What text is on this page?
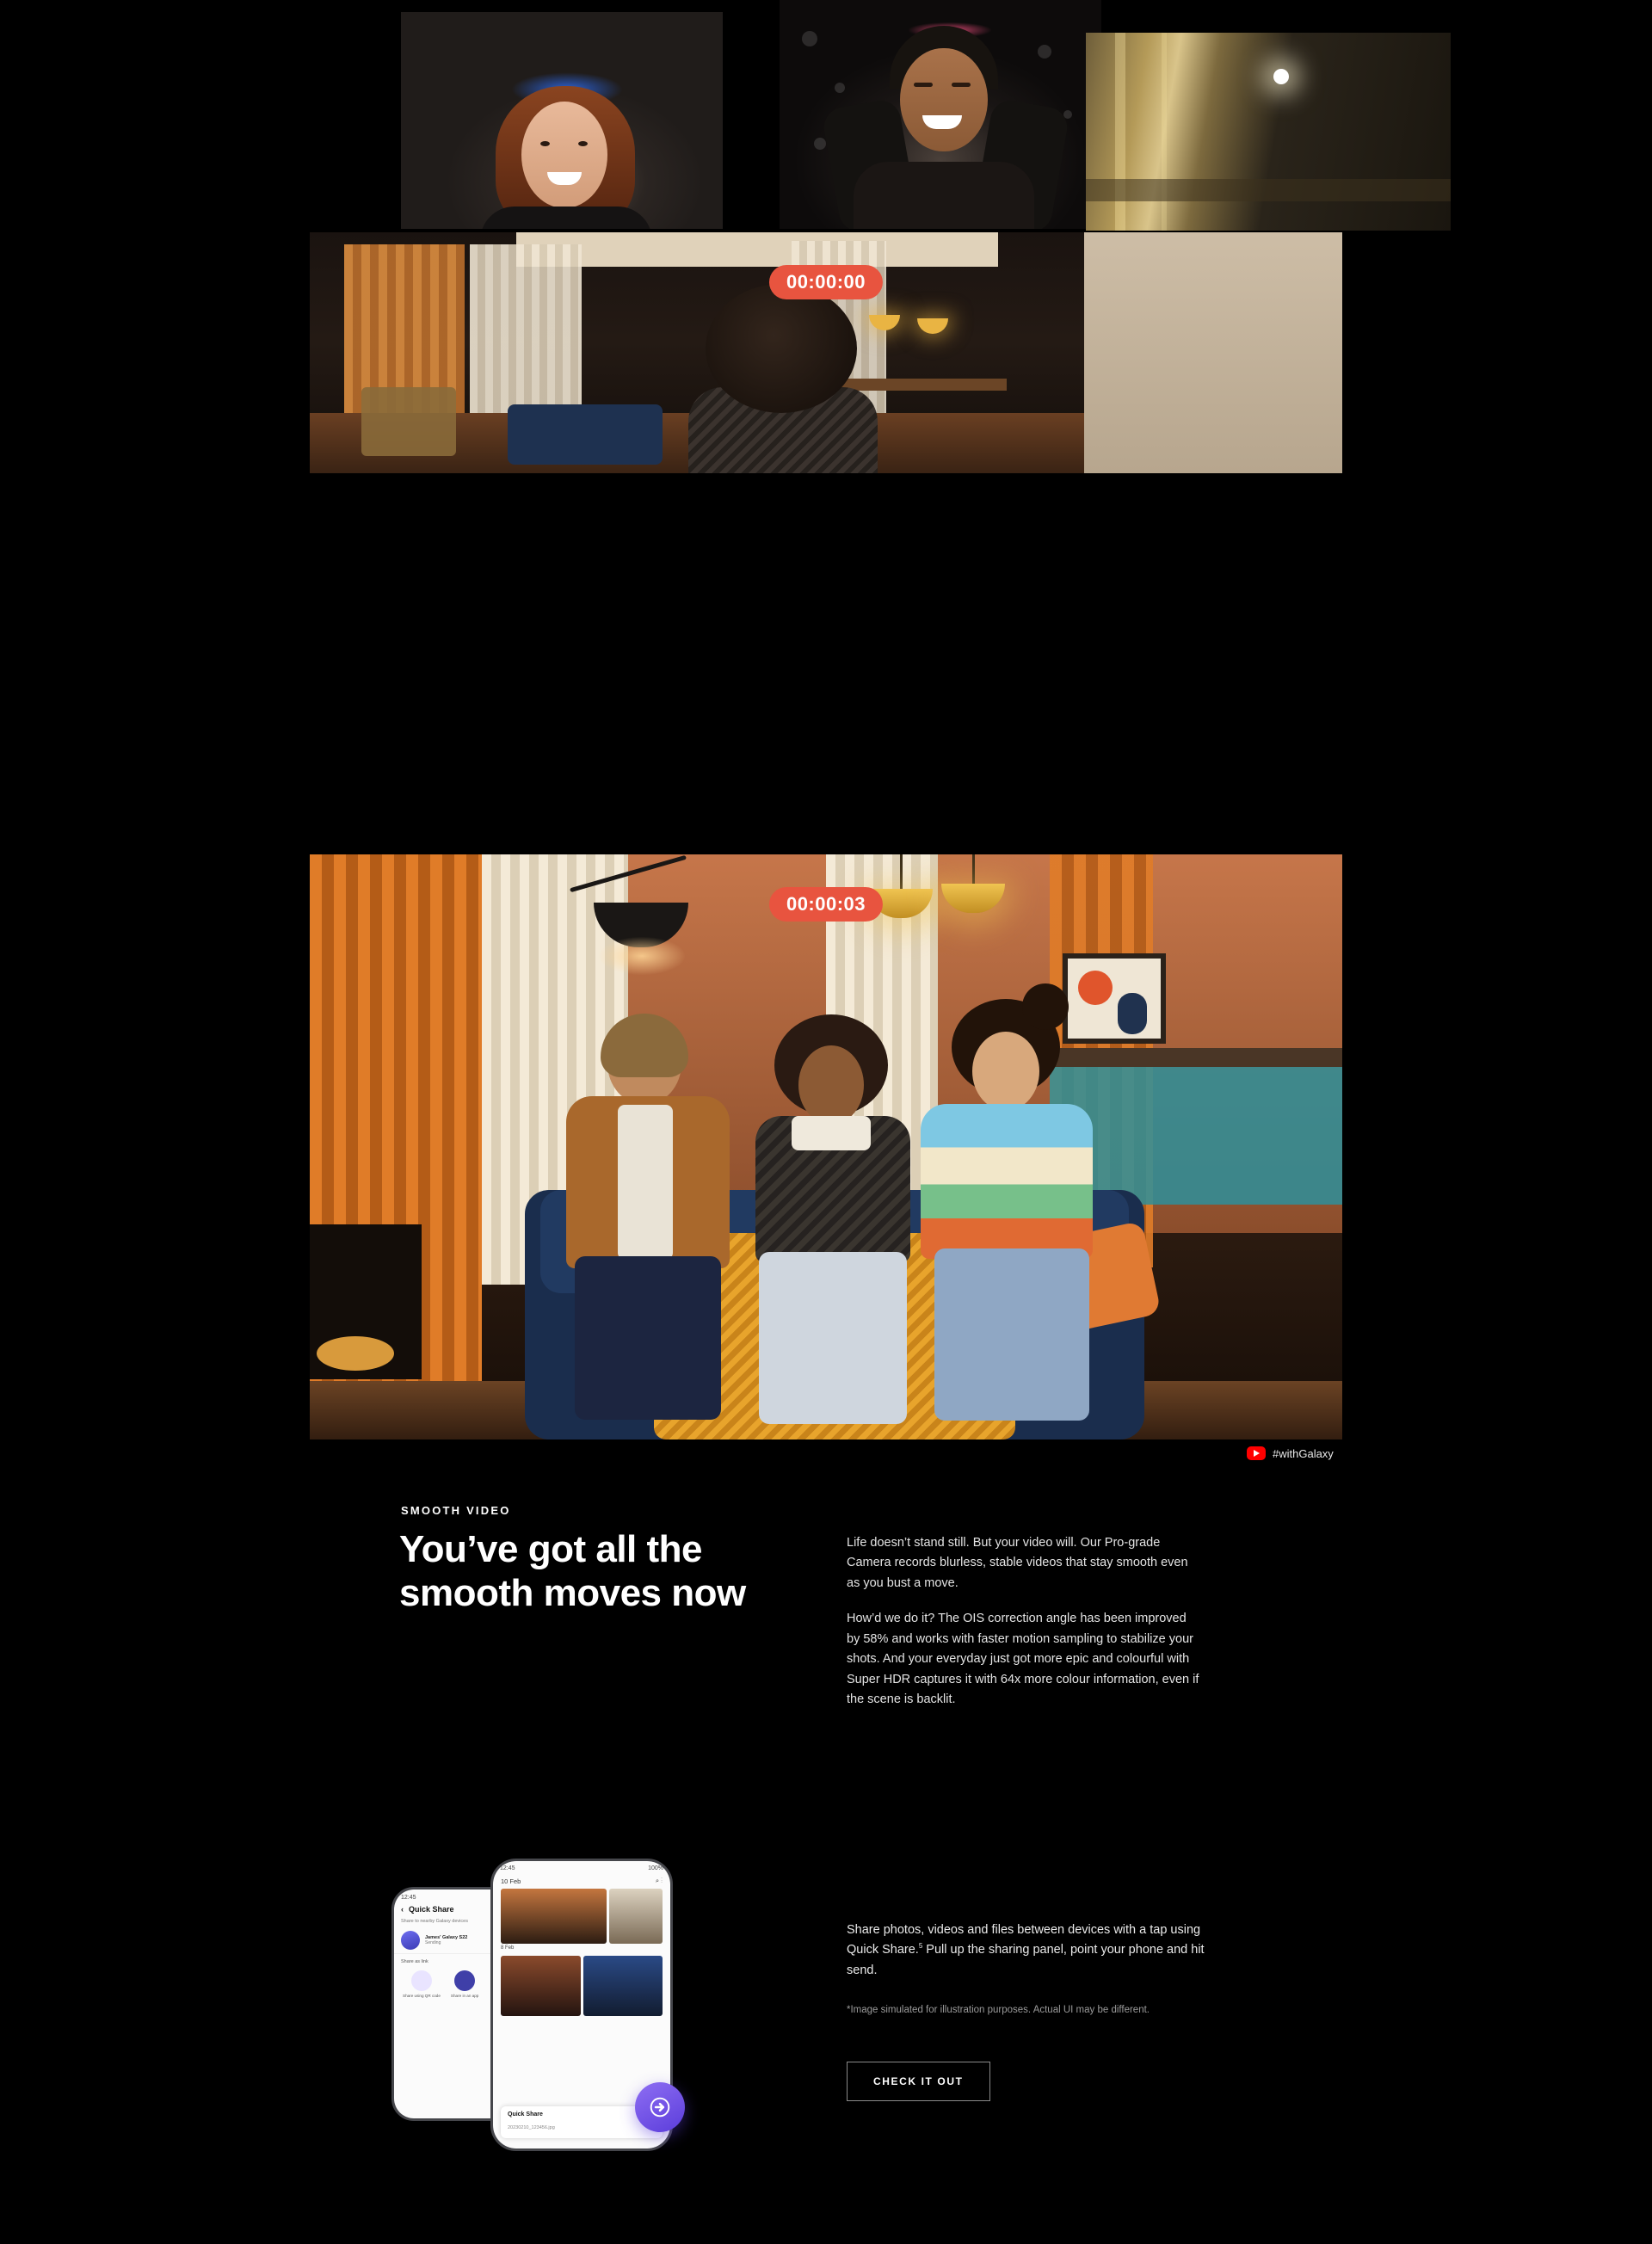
00:00:00
00:00:03
#withGalaxy
SMOOTH VIDEO
You’ve got all the smooth moves now

Life doesn’t stand still. But your video will. Our Pro-grade Camera records blurless, stable videos that stay smooth even as you bust a move.

How’d we do it? The OIS correction angle has been improved by 58% and works with faster motion sampling to stabilize your shots. And your everyday just got more epic and colourful with Super HDR captures it with 64x more colour information, even if the scene is backlit.

12:45
‹ Quick Share
Share to nearby Galaxy devices
James' Galaxy S22
Sending
Share as link
Share using QR code	Share in an app
12:45	100%
10 Feb	⌕ ⋮
8 Feb
Quick Share
20230210_123456.jpg

Share photos, videos and files between devices with a tap using Quick Share.$^5$ Pull up the sharing panel, point your phone and hit send.

*Image simulated for illustration purposes. Actual UI may be different.

CHECK IT OUT
